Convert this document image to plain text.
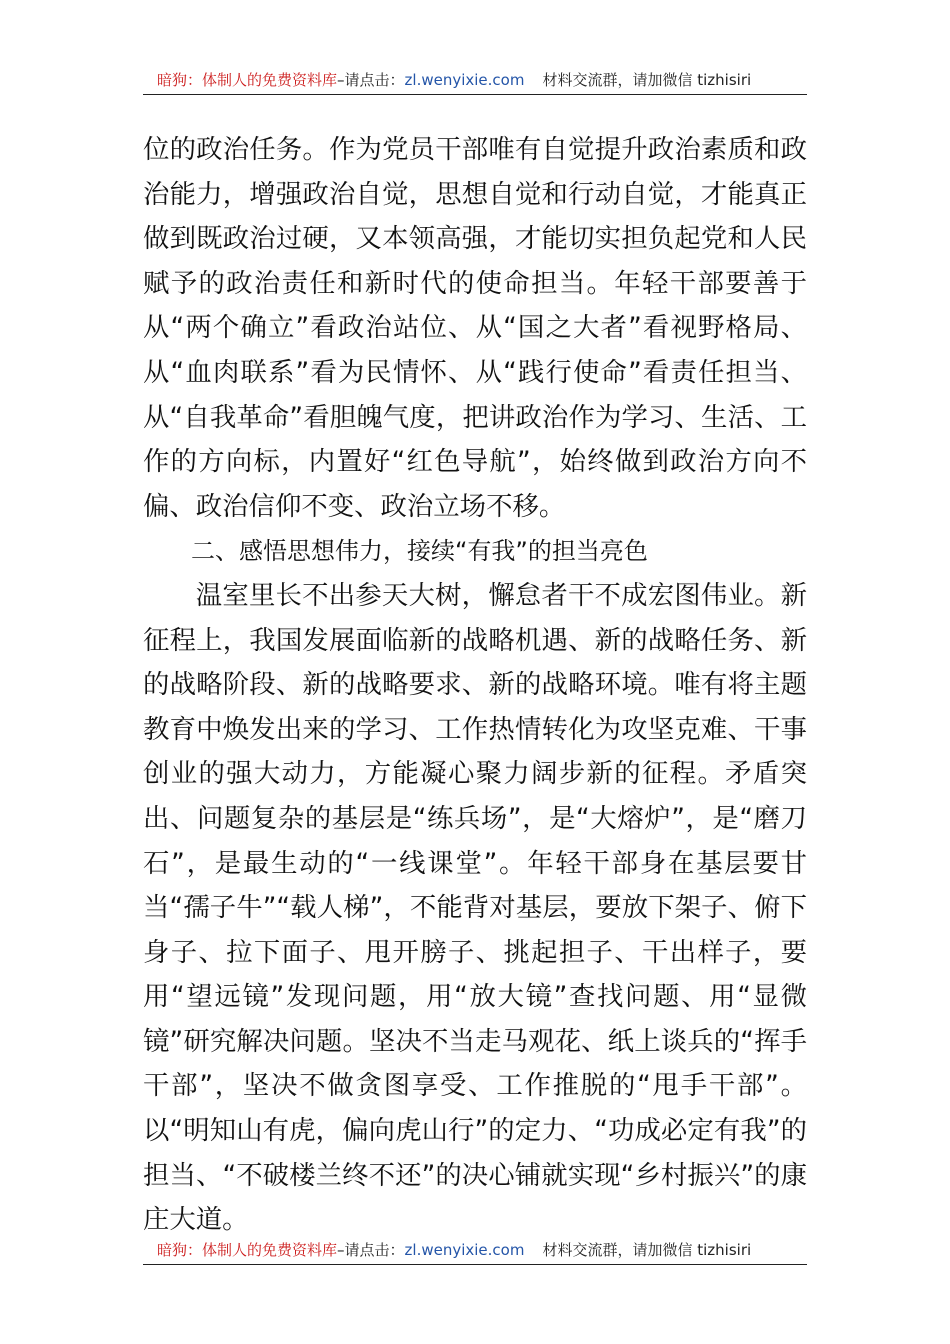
暗狗：体制人的免费资料库–请点击：zl.wenyixie.com 材料交流群，请加微信 tizhisiri

位的政治任务。作为党员干部唯有自觉提升政治素质和政治能力，增强政治自觉，思想自觉和行动自觉，才能真正做到既政治过硬，又本领高强，才能切实担负起党和人民赋予的政治责任和新时代的使命担当。年轻干部要善于从“两个确立”看政治站位、从“国之大者”看视野格局、从“血肉联系”看为民情怀、从“践行使命”看责任担当、从“自我革命”看胆魄气度，把讲政治作为学习、生活、工作的方向标，内置好“红色导航”，始终做到政治方向不偏、政治信仰不变、政治立场不移。

二、感悟思想伟力，接续“有我”的担当亮色

温室里长不出参天大树，懈怠者干不成宏图伟业。新征程上，我国发展面临新的战略机遇、新的战略任务、新的战略阶段、新的战略要求、新的战略环境。唯有将主题教育中焕发出来的学习、工作热情转化为攻坚克难、干事创业的强大动力，方能凝心聚力阔步新的征程。矛盾突出、问题复杂的基层是“练兵场”，是“大熔炉”，是“磨刀石”，是最生动的“一线课堂”。年轻干部身在基层要甘当“孺子牛”“载人梯”，不能背对基层，要放下架子、俯下身子、拉下面子、甩开膀子、挑起担子、干出样子，要用“望远镜”发现问题，用“放大镜”查找问题、用“显微镜”研究解决问题。坚决不当走马观花、纸上谈兵的“挥手干部”，坚决不做贪图享受、工作推脱的“甩手干部”。以“明知山有虎，偏向虎山行”的定力、“功成必定有我”的担当、“不破楼兰终不还”的决心铺就实现“乡村振兴”的康庄大道。

暗狗：体制人的免费资料库–请点击：zl.wenyixie.com 材料交流群，请加微信 tizhisiri
